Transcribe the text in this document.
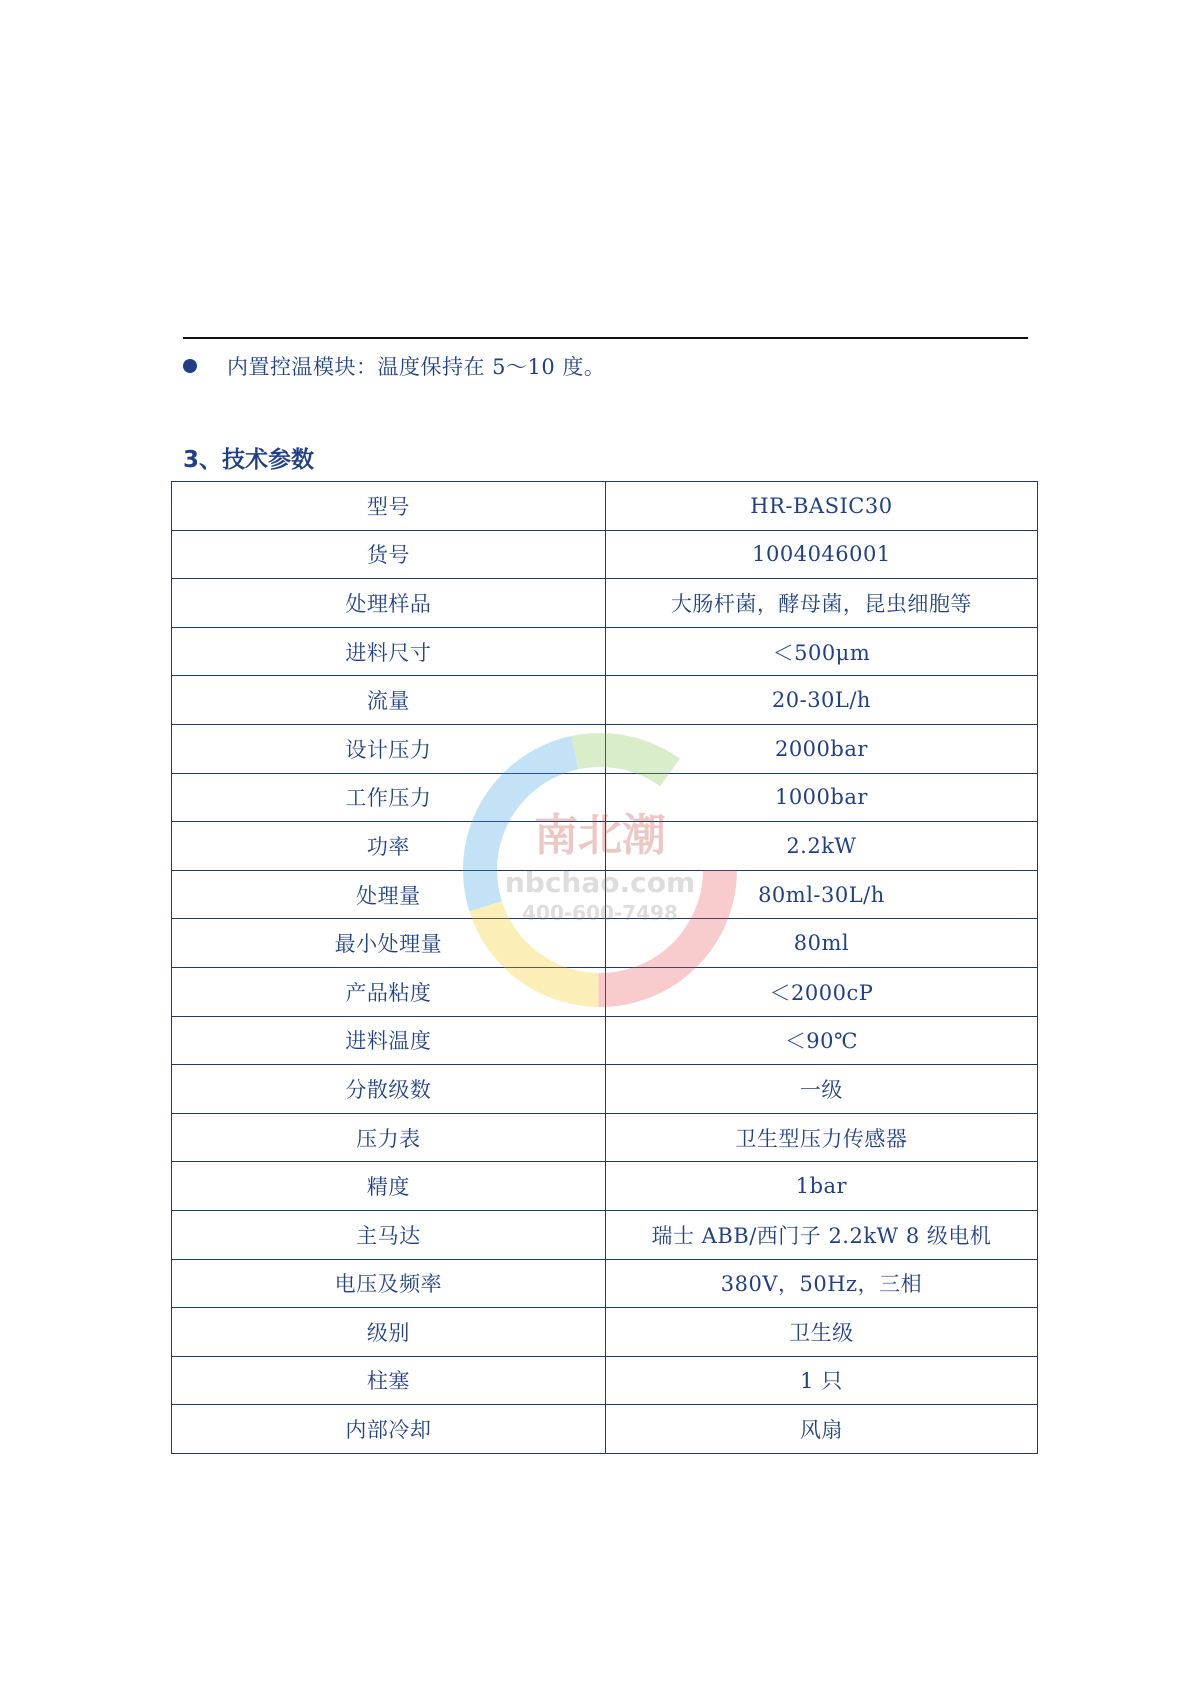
内置控温模块：温度保持在 5～10 度。
3、技术参数
型号	HR-BASIC30
货号	1004046001
处理样品	大肠杆菌，酵母菌，昆虫细胞等
进料尺寸	＜500μm
流量	20-30L/h
设计压力	2000bar
工作压力	1000bar
功率	2.2kW
处理量	80ml-30L/h
最小处理量	80ml
产品粘度	＜2000cP
进料温度	＜90℃
分散级数	一级
压力表	卫生型压力传感器
精度	1bar
主马达	瑞士 ABB/西门子 2.2kW 8 级电机
电压及频率	380V，50Hz，三相
级别	卫生级
柱塞	1 只
内部冷却	风扇
南北潮
nbchao.com
400-600-7498
